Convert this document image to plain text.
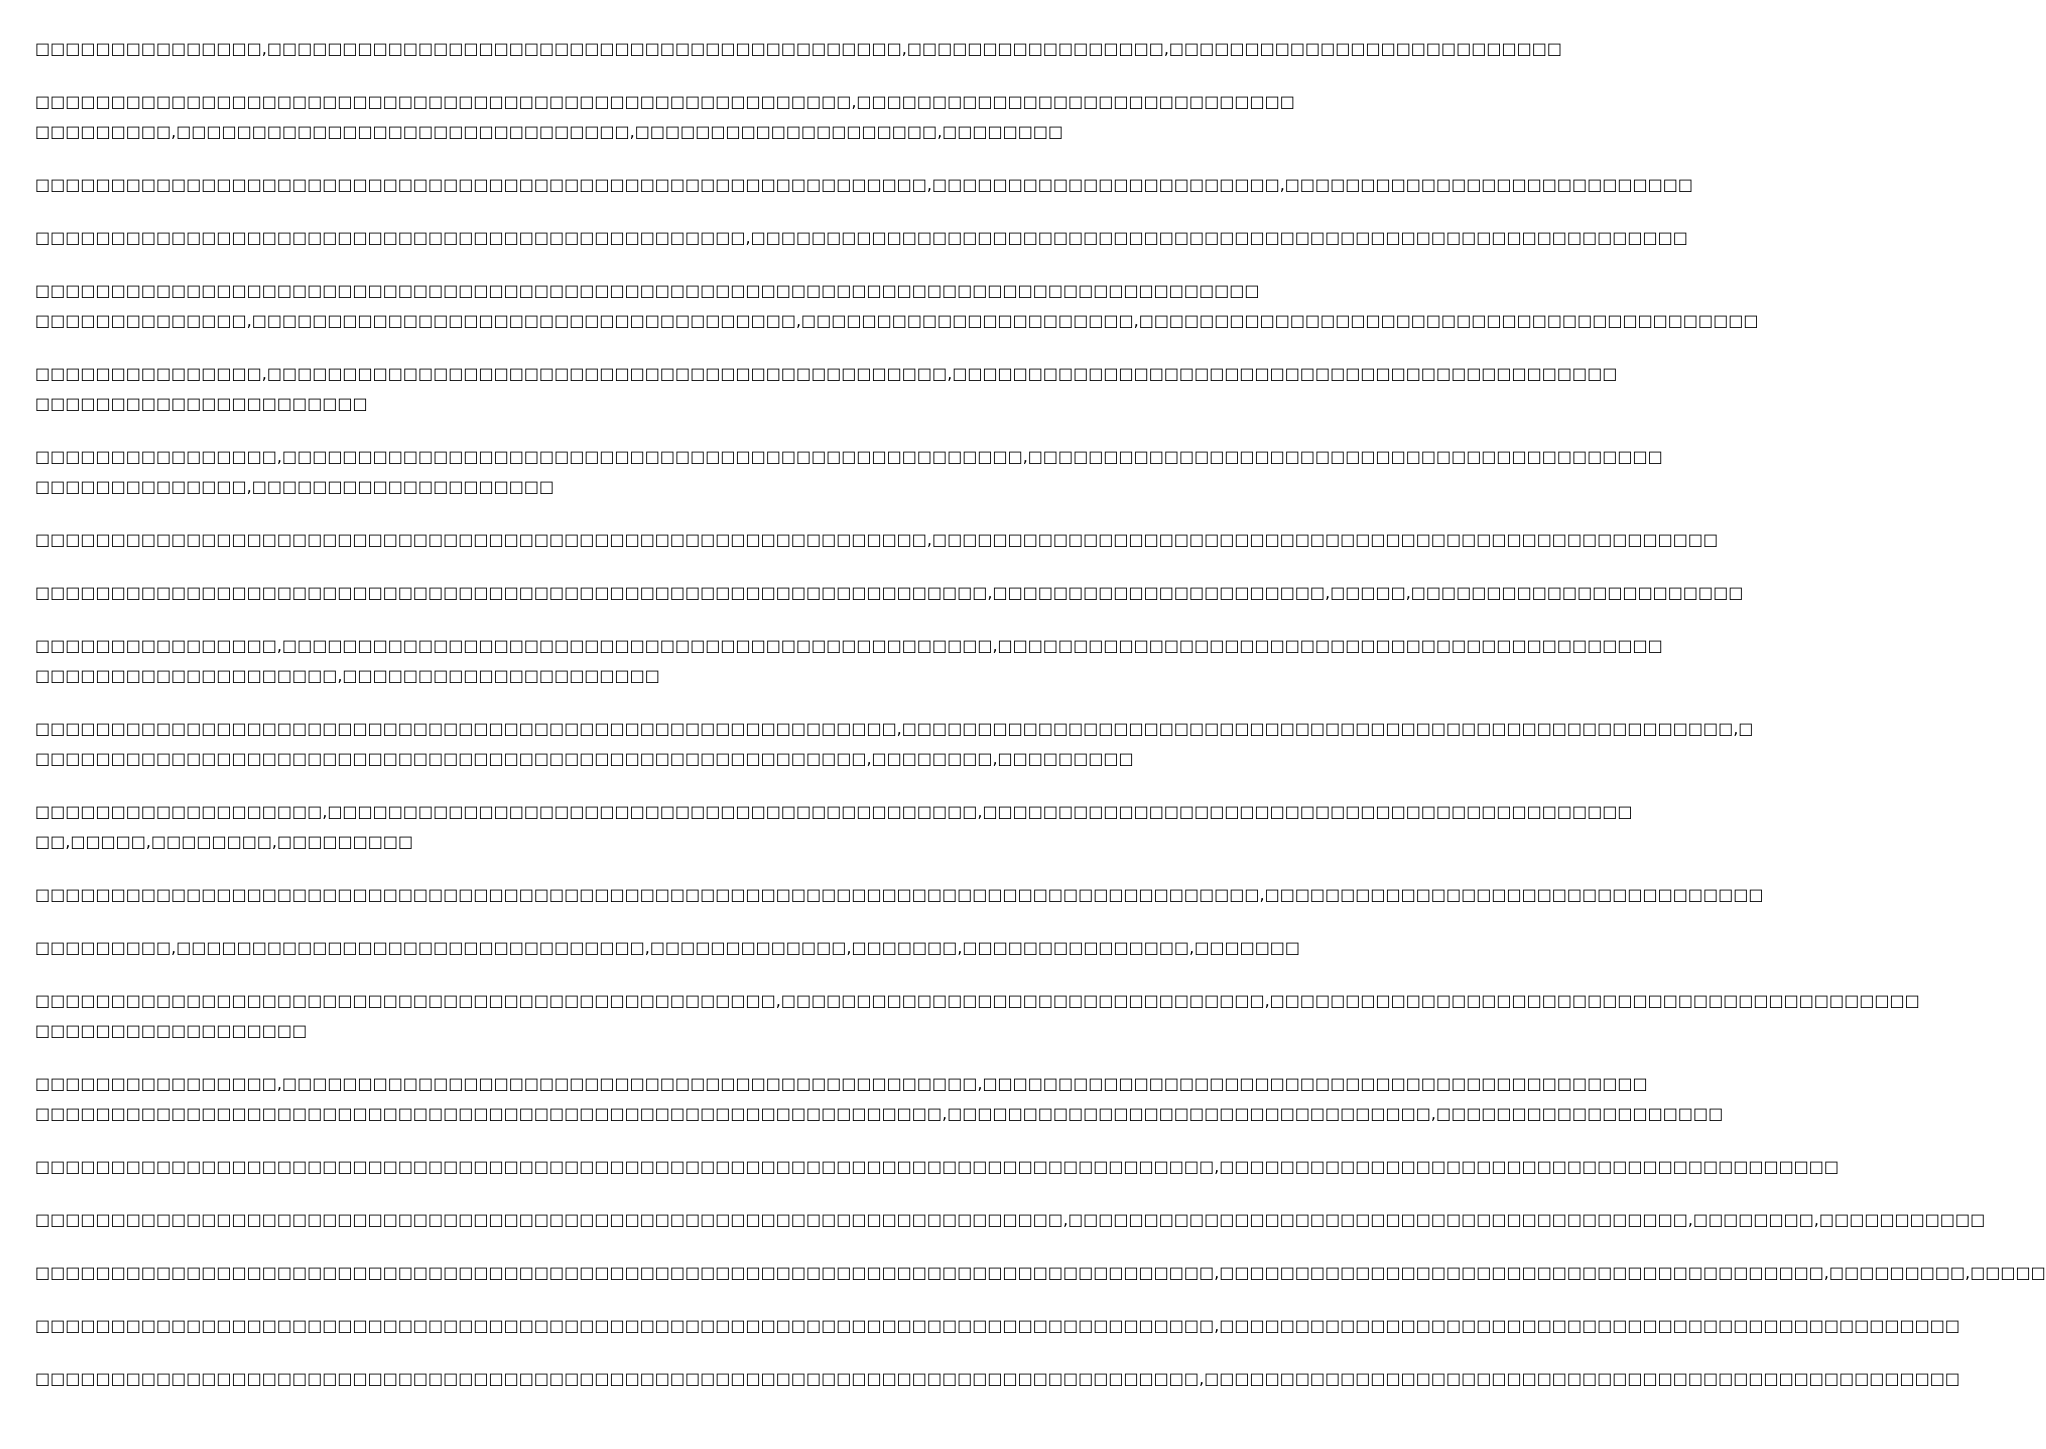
□□□□□□□□□□□□□□□,□□□□□□□□□□□□□□□□□□□□□□□□□□□□□□□□□□□□□□□□□□,□□□□□□□□□□□□□□□□□,□□□□□□□□□□□□□□□□□□□□□□□□□□

□□□□□□□□□□□□□□□□□□□□□□□□□□□□□□□□□□□□□□□□□□□□□□□□□□□□□□,□□□□□□□□□□□□□□□□□□□□□□□□□□□□□
□□□□□□□□□,□□□□□□□□□□□□□□□□□□□□□□□□□□□□□□,□□□□□□□□□□□□□□□□□□□□,□□□□□□□□

□□□□□□□□□□□□□□□□□□□□□□□□□□□□□□□□□□□□□□□□□□□□□□□□□□□□□□□□□□□,□□□□□□□□□□□□□□□□□□□□□□□,□□□□□□□□□□□□□□□□□□□□□□□□□□□

□□□□□□□□□□□□□□□□□□□□□□□□□□□□□□□□□□□□□□□□□□□□□□□,□□□□□□□□□□□□□□□□□□□□□□□□□□□□□□□□□□□□□□□□□□□□□□□□□□□□□□□□□□□□□□

□□□□□□□□□□□□□□□□□□□□□□□□□□□□□□□□□□□□□□□□□□□□□□□□□□□□□□□□□□□□□□□□□□□□□□□□□□□□□□□□□
□□□□□□□□□□□□□□,□□□□□□□□□□□□□□□□□□□□□□□□□□□□□□□□□□□□,□□□□□□□□□□□□□□□□□□□□□□,□□□□□□□□□□□□□□□□□□□□□□□□□□□□□□□□□□□□□□□□□

□□□□□□□□□□□□□□□,□□□□□□□□□□□□□□□□□□□□□□□□□□□□□□□□□□□□□□□□□□□□□,□□□□□□□□□□□□□□□□□□□□□□□□□□□□□□□□□□□□□□□□□□□□
□□□□□□□□□□□□□□□□□□□□□□

□□□□□□□□□□□□□□□□,□□□□□□□□□□□□□□□□□□□□□□□□□□□□□□□□□□□□□□□□□□□□□□□□□,□□□□□□□□□□□□□□□□□□□□□□□□□□□□□□□□□□□□□□□□□□
□□□□□□□□□□□□□□,□□□□□□□□□□□□□□□□□□□□

□□□□□□□□□□□□□□□□□□□□□□□□□□□□□□□□□□□□□□□□□□□□□□□□□□□□□□□□□□□,□□□□□□□□□□□□□□□□□□□□□□□□□□□□□□□□□□□□□□□□□□□□□□□□□□□□

□□□□□□□□□□□□□□□□□□□□□□□□□□□□□□□□□□□□□□□□□□□□□□□□□□□□□□□□□□□□□□□,□□□□□□□□□□□□□□□□□□□□□□,□□□□□,□□□□□□□□□□□□□□□□□□□□□□

□□□□□□□□□□□□□□□□,□□□□□□□□□□□□□□□□□□□□□□□□□□□□□□□□□□□□□□□□□□□□□□□,□□□□□□□□□□□□□□□□□□□□□□□□□□□□□□□□□□□□□□□□□□□□
□□□□□□□□□□□□□□□□□□□□,□□□□□□□□□□□□□□□□□□□□□

□□□□□□□□□□□□□□□□□□□□□□□□□□□□□□□□□□□□□□□□□□□□□□□□□□□□□□□□□,□□□□□□□□□□□□□□□□□□□□□□□□□□□□□□□□□□□□□□□□□□□□□□□□□□□□□□□,□
□□□□□□□□□□□□□□□□□□□□□□□□□□□□□□□□□□□□□□□□□□□□□□□□□□□□□□□,□□□□□□□□,□□□□□□□□□

□□□□□□□□□□□□□□□□□□□,□□□□□□□□□□□□□□□□□□□□□□□□□□□□□□□□□□□□□□□□□□□,□□□□□□□□□□□□□□□□□□□□□□□□□□□□□□□□□□□□□□□□□□□
□□,□□□□□,□□□□□□□□,□□□□□□□□□

□□□□□□□□□□□□□□□□□□□□□□□□□□□□□□□□□□□□□□□□□□□□□□□□□□□□□□□□□□□□□□□□□□□□□□□□□□□□□□□□□,□□□□□□□□□□□□□□□□□□□□□□□□□□□□□□□□□

□□□□□□□□□,□□□□□□□□□□□□□□□□□□□□□□□□□□□□□□□,□□□□□□□□□□□□□,□□□□□□□,□□□□□□□□□□□□□□□,□□□□□□□

□□□□□□□□□□□□□□□□□□□□□□□□□□□□□□□□□□□□□□□□□□□□□□□□□,□□□□□□□□□□□□□□□□□□□□□□□□□□□□□□□□,□□□□□□□□□□□□□□□□□□□□□□□□□□□□□□□□□□□□□□□□□□□
□□□□□□□□□□□□□□□□□□

□□□□□□□□□□□□□□□□,□□□□□□□□□□□□□□□□□□□□□□□□□□□□□□□□□□□□□□□□□□□□□□,□□□□□□□□□□□□□□□□□□□□□□□□□□□□□□□□□□□□□□□□□□□□
□□□□□□□□□□□□□□□□□□□□□□□□□□□□□□□□□□□□□□□□□□□□□□□□□□□□□□□□□□□□,□□□□□□□□□□□□□□□□□□□□□□□□□□□□□□□□,□□□□□□□□□□□□□□□□□□□

□□□□□□□□□□□□□□□□□□□□□□□□□□□□□□□□□□□□□□□□□□□□□□□□□□□□□□□□□□□□□□□□□□□□□□□□□□□□□□,□□□□□□□□□□□□□□□□□□□□□□□□□□□□□□□□□□□□□□□□□

□□□□□□□□□□□□□□□□□□□□□□□□□□□□□□□□□□□□□□□□□□□□□□□□□□□□□□□□□□□□□□□□□□□□,□□□□□□□□□□□□□□□□□□□□□□□□□□□□□□□□□□□□□□□□□,□□□□□□□□,□□□□□□□□□□□

□□□□□□□□□□□□□□□□□□□□□□□□□□□□□□□□□□□□□□□□□□□□□□□□□□□□□□□□□□□□□□□□□□□□□□□□□□□□□□,□□□□□□□□□□□□□□□□□□□□□□□□□□□□□□□□□□□□□□□□,□□□□□□□□□,□□□□□

□□□□□□□□□□□□□□□□□□□□□□□□□□□□□□□□□□□□□□□□□□□□□□□□□□□□□□□□□□□□□□□□□□□□□□□□□□□□□□,□□□□□□□□□□□□□□□□□□□□□□□□□□□□□□□□□□□□□□□□□□□□□□□□□

□□□□□□□□□□□□□□□□□□□□□□□□□□□□□□□□□□□□□□□□□□□□□□□□□□□□□□□□□□□□□□□□□□□□□□□□□□□□□,□□□□□□□□□□□□□□□□□□□□□□□□□□□□□□□□□□□□□□□□□□□□□□□□□□
